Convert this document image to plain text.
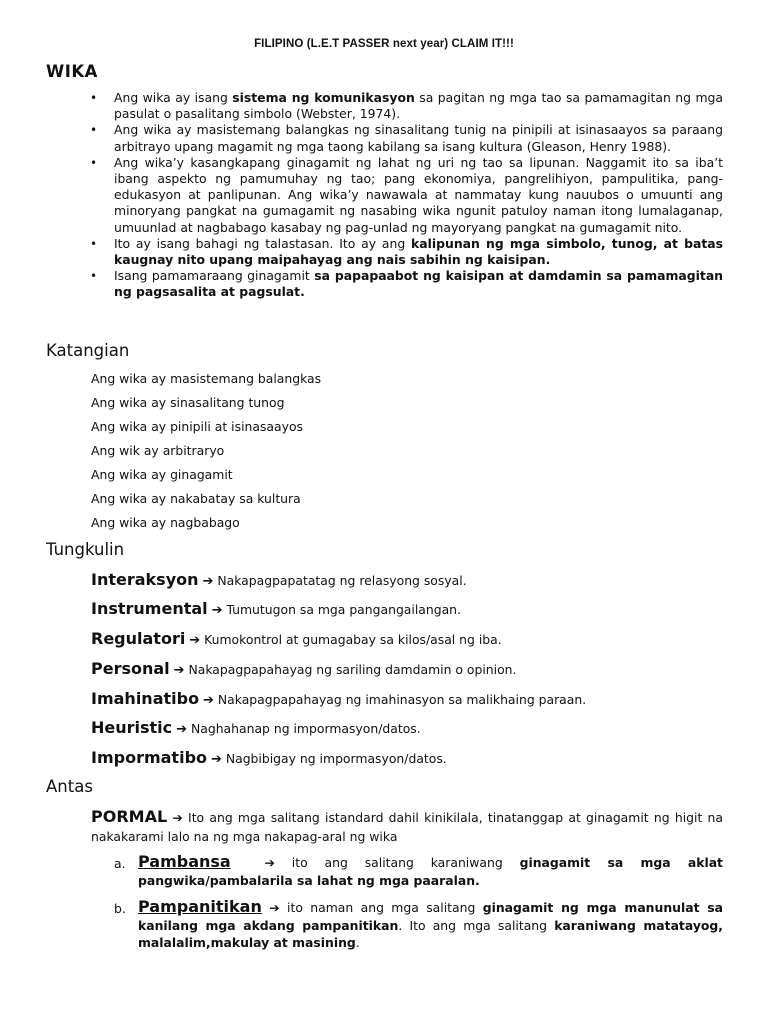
FILIPINO (L.E.T PASSER next year) CLAIM IT!!!
WIKA
• Ang wika ay isang sistema ng komunikasyon sa pagitan ng mga tao sa pamamagitan ng mga pasulat o pasalitang simbolo (Webster, 1974).
• Ang wika ay masistemang balangkas ng sinasalitang tunig na pinipili at isinasaayos sa paraang arbitrayo upang magamit ng mga taong kabilang sa isang kultura (Gleason, Henry 1988).
• Ang wika’y kasangkapang ginagamit ng lahat ng uri ng tao sa lipunan. Naggamit ito sa iba’t ibang aspekto ng pamumuhay ng tao; pang ekonomiya, pangrelihiyon, pampulitika, pang-edukasyon at panlipunan. Ang wika’y nawawala at nammatay kung nauubos o umuunti ang minoryang pangkat na gumagamit ng nasabing wika ngunit patuloy naman itong lumalaganap, umuunlad at nagbabago kasabay ng pag-unlad ng mayoryang pangkat na gumagamit nito.
• Ito ay isang bahagi ng talastasan. Ito ay ang kalipunan ng mga simbolo, tunog, at batas kaugnay nito upang maipahayag ang nais sabihin ng kaisipan.
• Isang pamamaraang ginagamit sa papapaabot ng kaisipan at damdamin sa pamamagitan ng pagsasalita at pagsulat.
Katangian
Ang wika ay masistemang balangkas
Ang wika ay sinasalitang tunog
Ang wika ay pinipili at isinasaayos
Ang wik ay arbitraryo
Ang wika ay ginagamit
Ang wika ay nakabatay sa kultura
Ang wika ay nagbabago
Tungkulin
Interaksyon ➔ Nakapagpapatatag ng relasyong sosyal.
Instrumental ➔ Tumutugon sa mga pangangailangan.
Regulatori ➔ Kumokontrol at gumagabay sa kilos/asal ng iba.
Personal ➔ Nakapagpapahayag ng sariling damdamin o opinion.
Imahinatibo ➔ Nakapagpapahayag ng imahinasyon sa malikhaing paraan.
Heuristic ➔ Naghahanap ng impormasyon/datos.
Impormatibo ➔ Nagbibigay ng impormasyon/datos.
Antas
PORMAL ➔ Ito ang mga salitang istandard dahil kinikilala, tinatanggap at ginagamit ng higit na nakakarami lalo na ng mga nakapag-aral ng wika
a. Pambansa	➔ ito ang salitang karaniwang ginagamit sa mga aklat pangwika/pambalarila sa lahat ng mga paaralan.
b. Pampanitikan ➔ ito naman ang mga salitang ginagamit ng mga manunulat sa kanilang mga akdang pampanitikan. Ito ang mga salitang karaniwang matatayog, malalalim,makulay at masining.
